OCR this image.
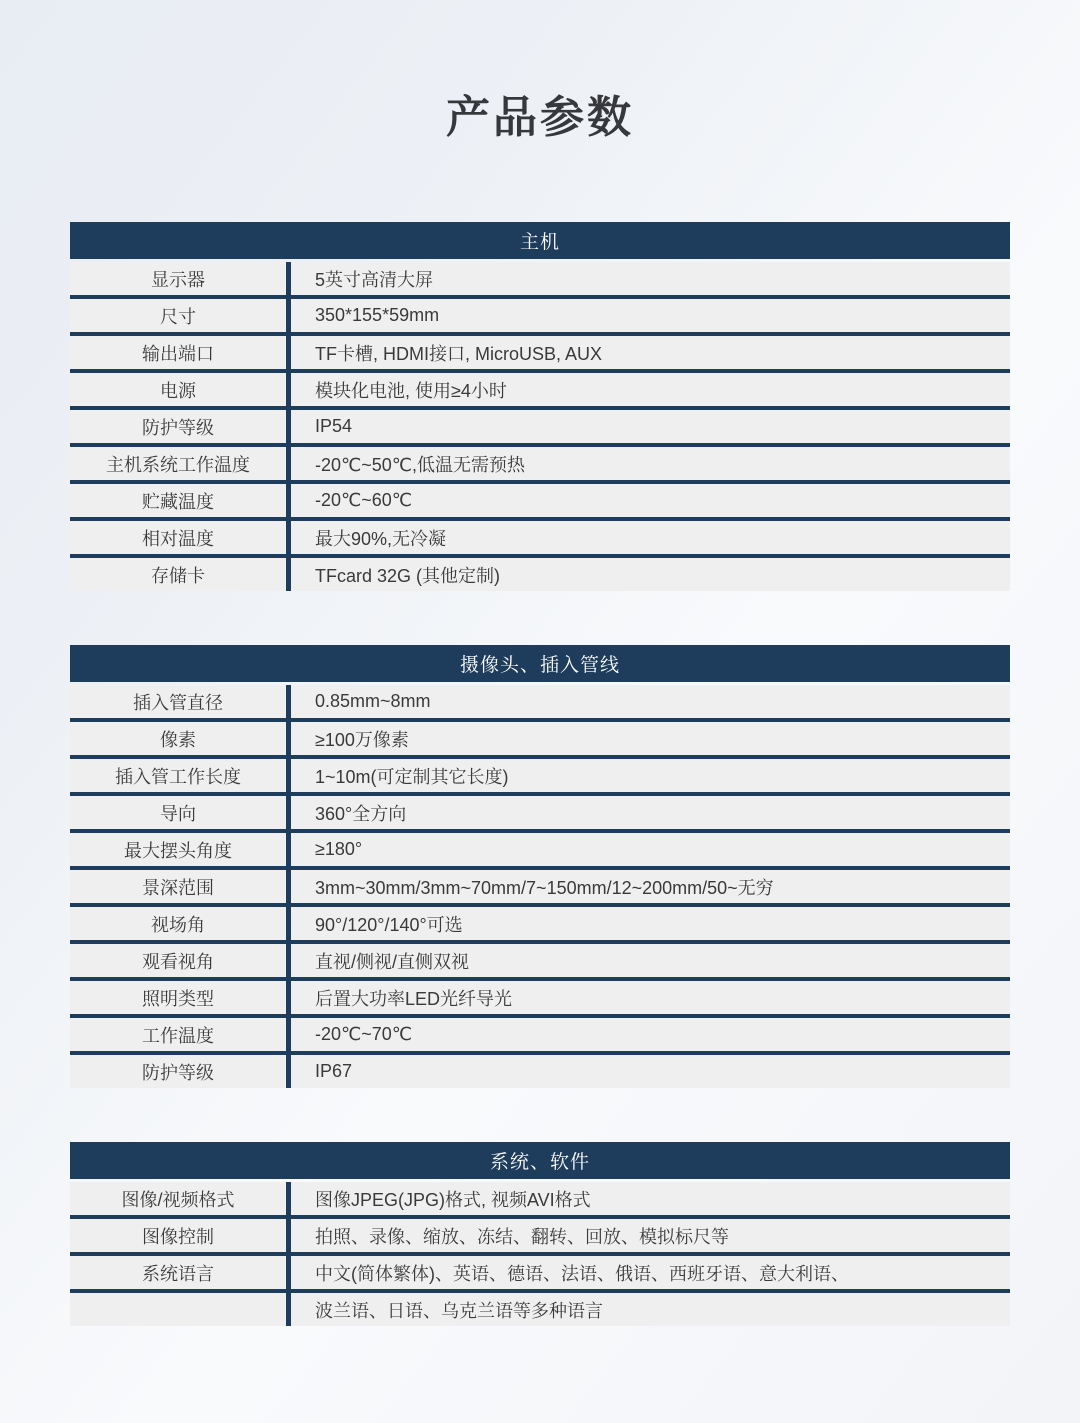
产品参数
主机
显示器	5英寸高清大屏
尺寸	350*155*59mm
输出端口	TF卡槽, HDMI接口, MicroUSB, AUX
电源	模块化电池, 使用≥4小时
防护等级	IP54
主机系统工作温度	-20℃~50℃,低温无需预热
贮藏温度	-20℃~60℃
相对温度	最大90%,无冷凝
存储卡	TFcard 32G (其他定制)
摄像头、插入管线
插入管直径	0.85mm~8mm
像素	≥100万像素
插入管工作长度	1~10m(可定制其它长度)
导向	360°全方向
最大摆头角度	≥180°
景深范围	3mm~30mm/3mm~70mm/7~150mm/12~200mm/50~无穷
视场角	90°/120°/140°可选
观看视角	直视/侧视/直侧双视
照明类型	后置大功率LED光纤导光
工作温度	-20℃~70℃
防护等级	IP67
系统、软件
图像/视频格式	图像JPEG(JPG)格式, 视频AVI格式
图像控制	拍照、录像、缩放、冻结、翻转、回放、模拟标尺等
系统语言	中文(简体繁体)、英语、德语、法语、俄语、西班牙语、意大利语、
波兰语、日语、乌克兰语等多种语言
